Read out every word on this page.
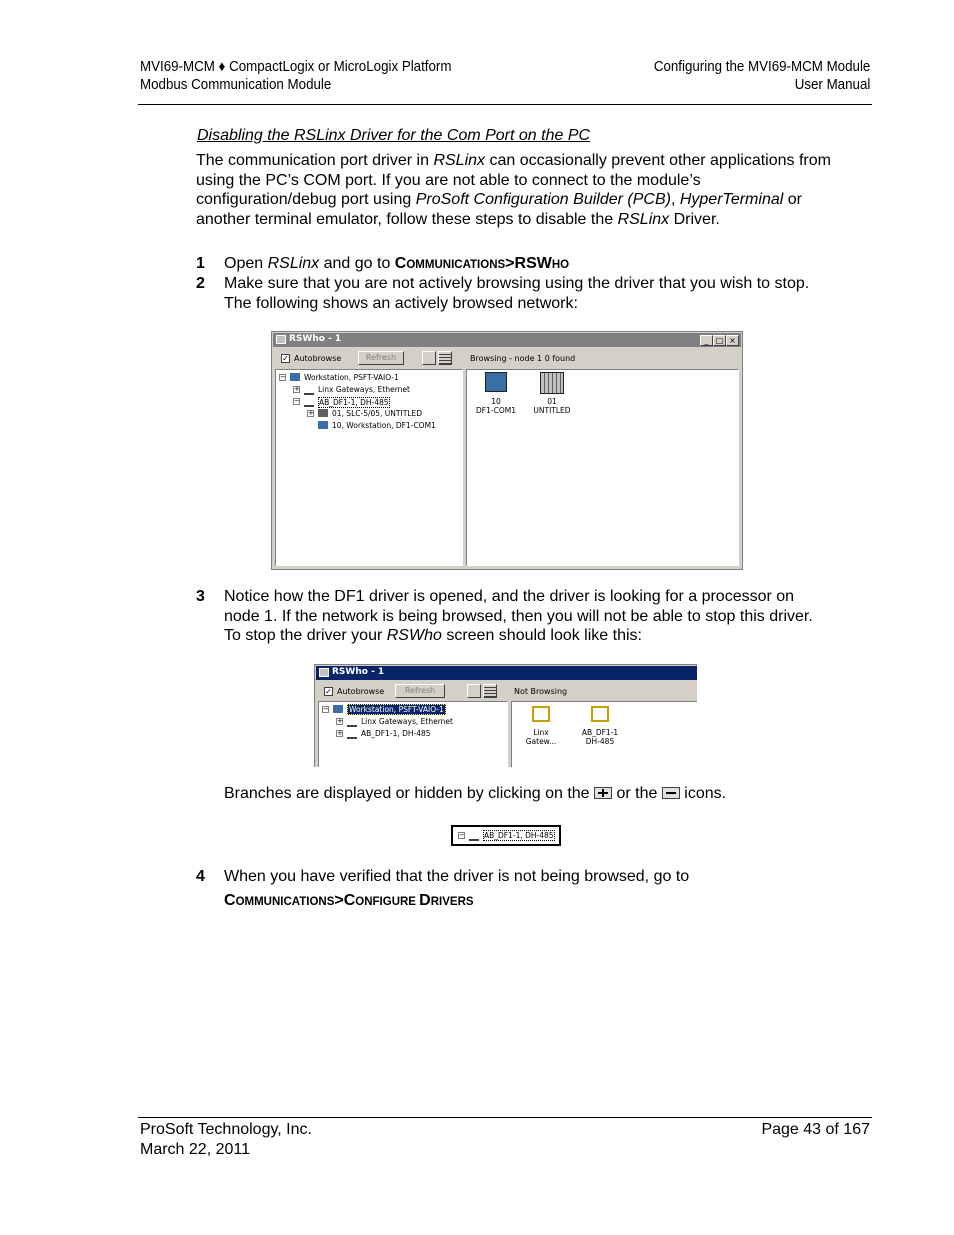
MVI69-MCM ♦ CompactLogix or MicroLogix Platform
Modbus Communication Module
Configuring the MVI69-MCM Module
User Manual
Disabling the RSLinx Driver for the Com Port on the PC
The communication port driver in RSLinx can occasionally prevent other applications from using the PC’s COM port. If you are not able to connect to the module’s configuration/debug port using ProSoft Configuration Builder (PCB), HyperTerminal or another terminal emulator, follow these steps to disable the RSLinx Driver.
1 Open RSLinx and go to COMMUNICATIONS>RSWHO
2 Make sure that you are not actively browsing using the driver that you wish to stop. The following shows an actively browsed network:
RSWho - 1	_ □ ×
✓ Autobrowse	Refresh	Browsing - node 1 0 found
− Workstation, PSFT-VAIO-1
+ Linx Gateways, Ethernet
−	AB_DF1-1, DH-485
+ 01, SLC-5/05, UNTITLED
10, Workstation, DF1-COM1
10
DF1-COM1
01
UNTITLED
3 Notice how the DF1 driver is opened, and the driver is looking for a processor on node 1. If the network is being browsed, then you will not be able to stop this driver. To stop the driver your RSWho screen should look like this:
RSWho - 1
✓ Autobrowse	Refresh	Not Browsing
−	Workstation, PSFT-VAIO-1
+ Linx Gateways, Ethernet
+ AB_DF1-1, DH-485	Linx
Gatew...
AB_DF1-1
DH-485
Branches are displayed or hidden by clicking on the
or the
icons.
−	AB_DF1-1, DH-485
4 When you have verified that the driver is not being browsed, go to
COMMUNICATIONS>CONFIGURE DRIVERS
ProSoft Technology, Inc.
March 22, 2011
Page 43 of 167
